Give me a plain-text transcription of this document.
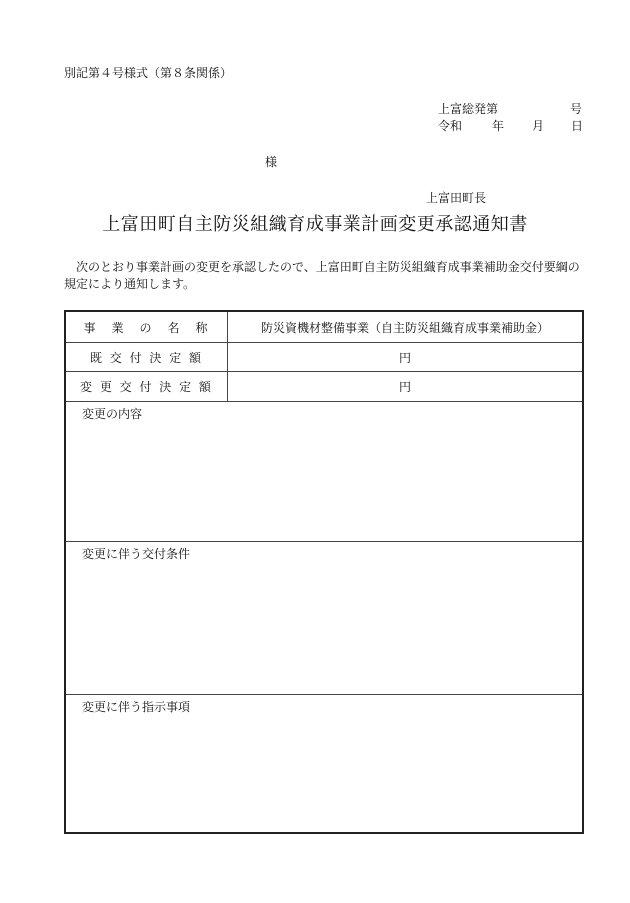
別記第４号様式（第８条関係）
上富総発第	号
令和 年 月 日
様
上富田町長
上富田町自主防災組織育成事業計画変更承認通知書
次のとおり事業計画の変更を承認したので、上富田町自主防災組織育成事業補助金交付要綱の規定により通知します。
事　業　の　名　称	防災資機材整備事業（自主防災組織育成事業補助金）
既 交 付 決 定 額	円
変 更 交 付 決 定 額	円
変更の内容
変更に伴う交付条件
変更に伴う指示事項
